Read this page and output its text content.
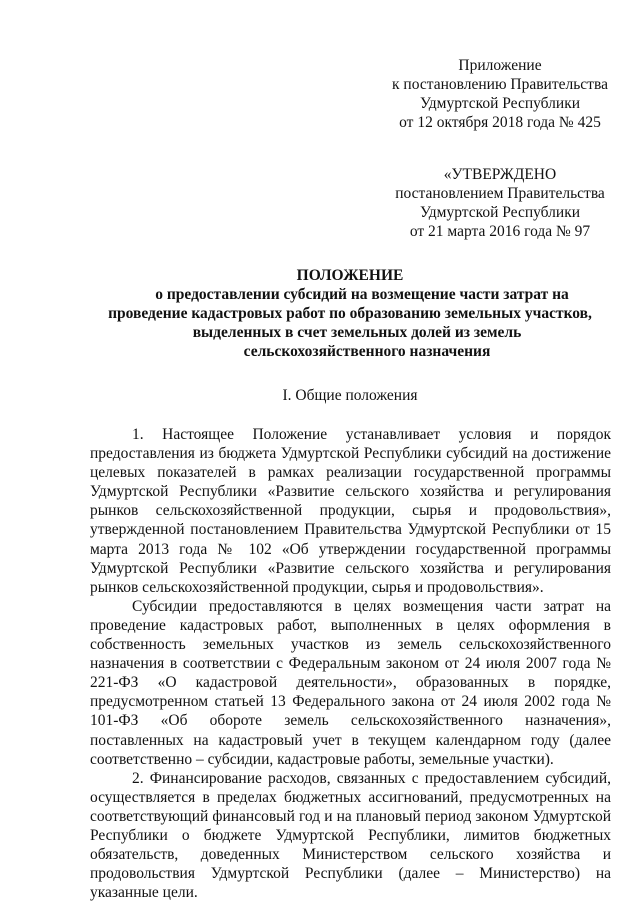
Приложение
к постановлению Правительства
Удмуртской Республики
от 12 октября 2018 года № 425
«УТВЕРЖДЕНО
постановлением Правительства
Удмуртской Республики
от 21 марта 2016 года № 97
ПОЛОЖЕНИЕ
о предоставлении субсидий на возмещение части затрат на
проведение кадастровых работ по образованию земельных участков,
выделенных в счет земельных долей из земель
сельскохозяйственного назначения
I. Общие положения

1. Настоящее Положение устанавливает условия и порядок предоставления из бюджета Удмуртской Республики субсидий на достижение целевых показателей в рамках реализации государственной программы Удмуртской Республики «Развитие сельского хозяйства и регулирования рынков сельскохозяйственной продукции, сырья и продовольствия», утвержденной постановлением Правительства Удмуртской Республики от 15 марта 2013 года № 102 «Об утверждении государственной программы Удмуртской Республики «Развитие сельского хозяйства и регулирования рынков сельскохозяйственной продукции, сырья и продовольствия».

Субсидии предоставляются в целях возмещения части затрат на проведение кадастровых работ, выполненных в целях оформления в собственность земельных участков из земель сельскохозяйственного назначения в соответствии с Федеральным законом от 24 июля 2007 года № 221-ФЗ «О кадастровой деятельности», образованных в порядке, предусмотренном статьей 13 Федерального закона от 24 июля 2002 года № 101-ФЗ «Об обороте земель сельскохозяйственного назначения», поставленных на кадастровый учет в текущем календарном году (далее соответственно – субсидии, кадастровые работы, земельные участки).

2. Финансирование расходов, связанных с предоставлением субсидий, осуществляется в пределах бюджетных ассигнований, предусмотренных на соответствующий финансовый год и на плановый период законом Удмуртской Республики о бюджете Удмуртской Республики, лимитов бюджетных обязательств, доведенных Министерством сельского хозяйства и продовольствия Удмуртской Республики (далее – Министерство) на указанные цели.
